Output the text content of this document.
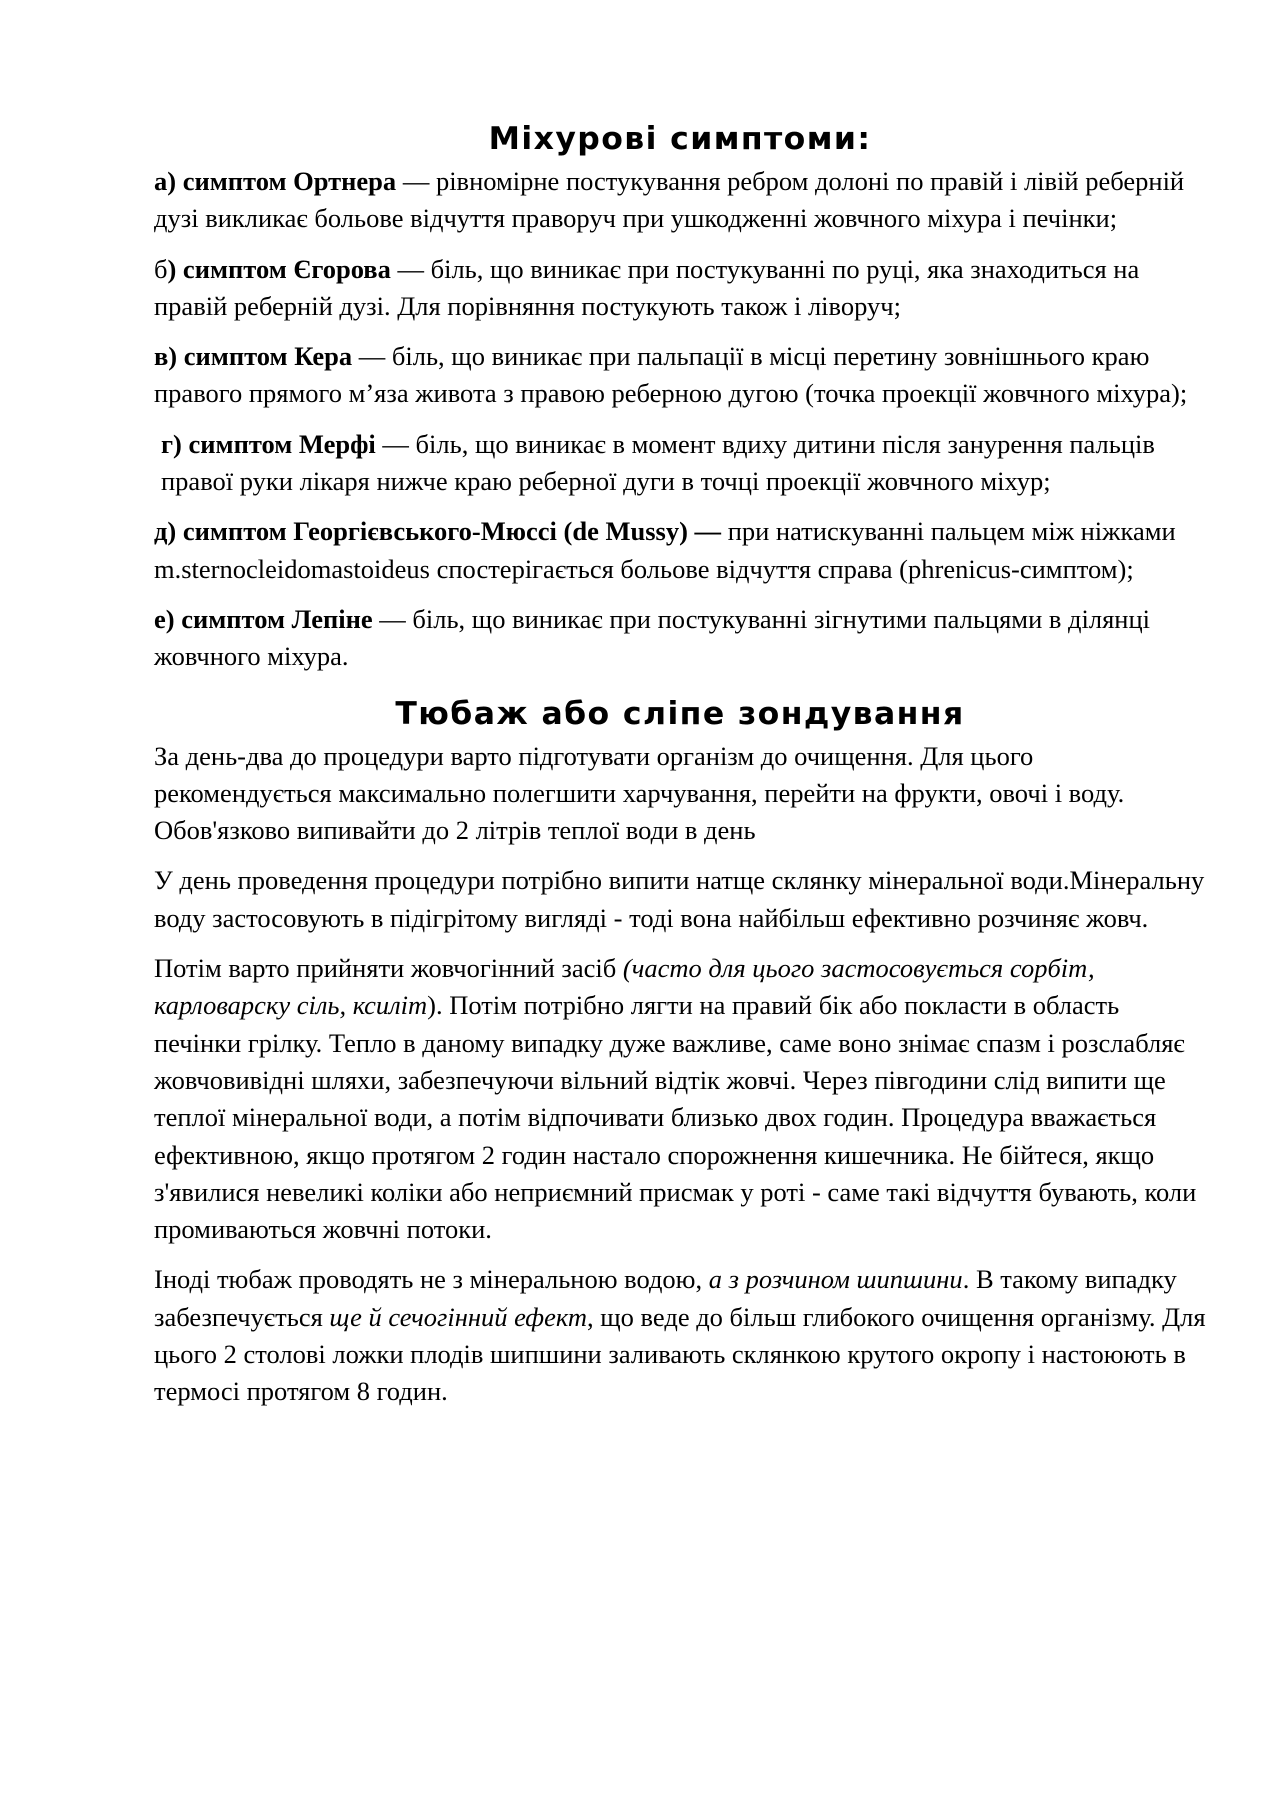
Міхурові симптоми:

а) симптом Ортнера — рівномірне постукування ребром долоні по правій і лівій реберній дузі викликає больове відчуття праворуч при ушкодженні жовчного міхура і печінки;

б) симптом Єгорова — біль, що виникає при постукуванні по руці, яка знаходиться на правій реберній дузі. Для порівняння постукують також і ліворуч;

в) симптом Кера — біль, що виникає при пальпації в місці перетину зовнішнього краю правого прямого м’яза живота з правою реберною дугою (точка проекції жовчного міхура);

г) симптом Мерфі — біль, що виникає в момент вдиху дитини після занурення пальців правої руки лікаря нижче краю реберної дуги в точці проекції жовчного міхур;

д) симптом Георгієвського-Мюссі (de Mussy) — при натискуванні пальцем між ніжками m.sternocleidomastoideus спостерігається больове відчуття справа (phrenicus-симптом);

е) симптом Лепіне — біль, що виникає при постукуванні зігнутими пальцями в ділянці жовчного міхура.

Тюбаж або сліпе зондування

За день-два до процедури варто підготувати організм до очищення. Для цього рекомендується максимально полегшити харчування, перейти на фрукти, овочі і воду. Обов'язково випивайти до 2 літрів теплої води в день

У день проведення процедури потрібно випити натще склянку мінеральної води.Мінеральну воду застосовують в підігрітому вигляді - тоді вона найбільш ефективно розчиняє жовч.

Потім варто прийняти жовчогінний засіб (часто для цього застосовується сорбіт, карловарску сіль, ксиліт). Потім потрібно лягти на правий бік або покласти в область печінки грілку. Тепло в даному випадку дуже важливе, саме воно знімає спазм і розслабляє жовчовивідні шляхи, забезпечуючи вільний відтік жовчі. Через півгодини слід випити ще теплої мінеральної води, а потім відпочивати близько двох годин. Процедура вважається ефективною, якщо протягом 2 годин настало спорожнення кишечника. Не бійтеся, якщо з'явилися невеликі коліки або неприємний присмак у роті - саме такі відчуття бувають, коли промиваються жовчні потоки.

Іноді тюбаж проводять не з мінеральною водою, а з розчином шипшини. В такому випадку забезпечується ще й сечогінний ефект, що веде до більш глибокого очищення організму. Для цього 2 столові ложки плодів шипшини заливають склянкою крутого окропу і настоюють в термосі протягом 8 годин.
